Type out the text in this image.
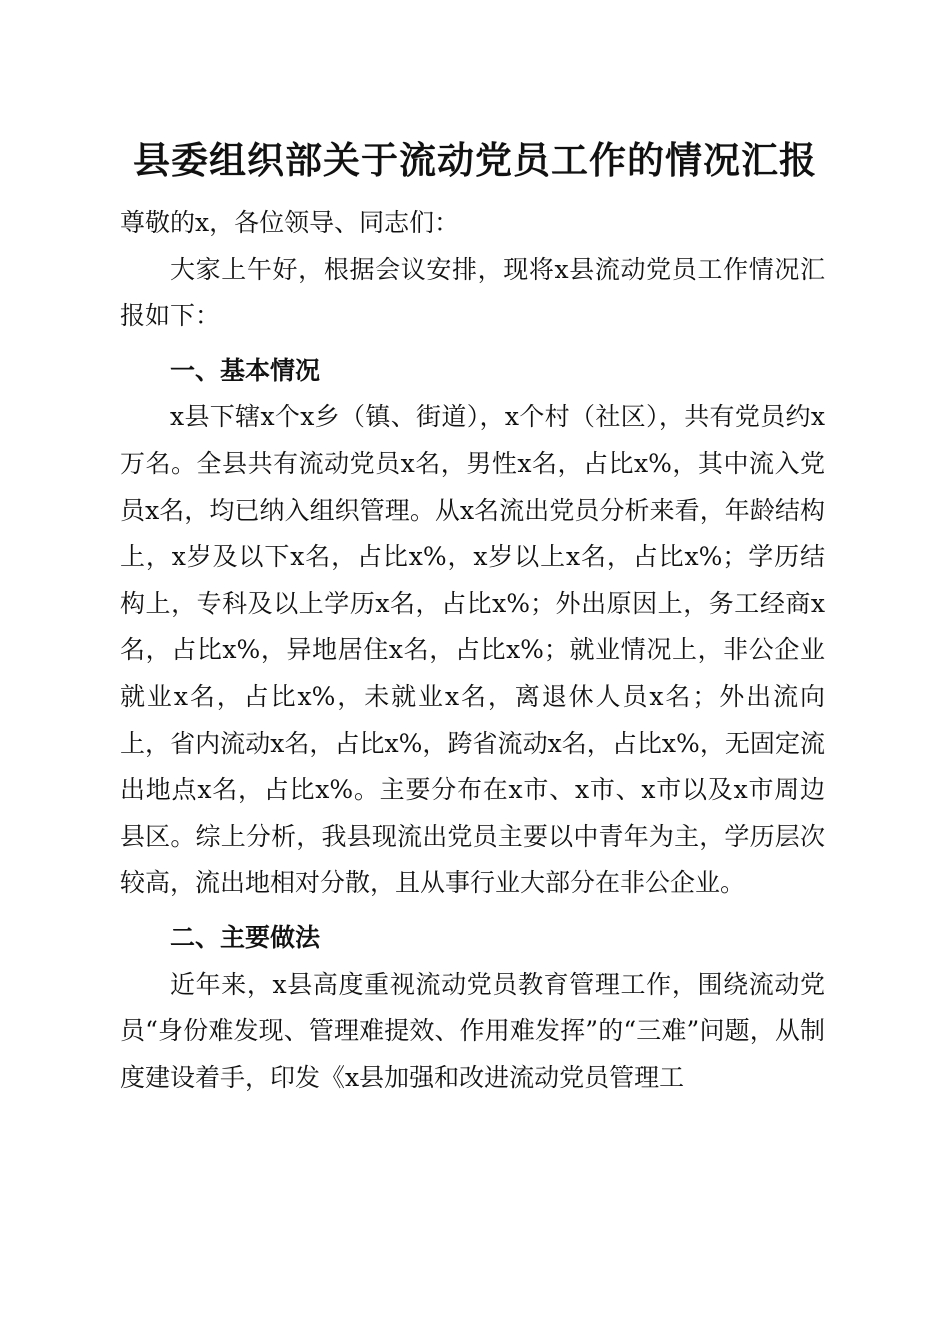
县委组织部关于流动党员工作的情况汇报

尊敬的x，各位领导、同志们：

大家上午好，根据会议安排，现将x县流动党员工作情况汇报如下：

一、基本情况

x县下辖x个x乡（镇、街道），x个村（社区），共有党员约x万名。全县共有流动党员x名，男性x名，占比x%，其中流入党员x名，均已纳入组织管理。从x名流出党员分析来看，年龄结构上，x岁及以下x名，占比x%，x岁以上x名，占比x%；学历结构上，专科及以上学历x名，占比x%；外出原因上，务工经商x名，占比x%，异地居住x名，占比x%；就业情况上，非公企业就业x名，占比x%，未就业x名，离退休人员x名；外出流向上，省内流动x名，占比x%，跨省流动x名，占比x%，无固定流出地点x名，占比x%。主要分布在x市、x市、x市以及x市周边县区。综上分析，我县现流出党员主要以中青年为主，学历层次较高，流出地相对分散，且从事行业大部分在非公企业。

二、主要做法

近年来，x县高度重视流动党员教育管理工作，围绕流动党员“身份难发现、管理难提效、作用难发挥”的“三难”问题，从制度建设着手，印发《x县加强和改进流动党员管理工
